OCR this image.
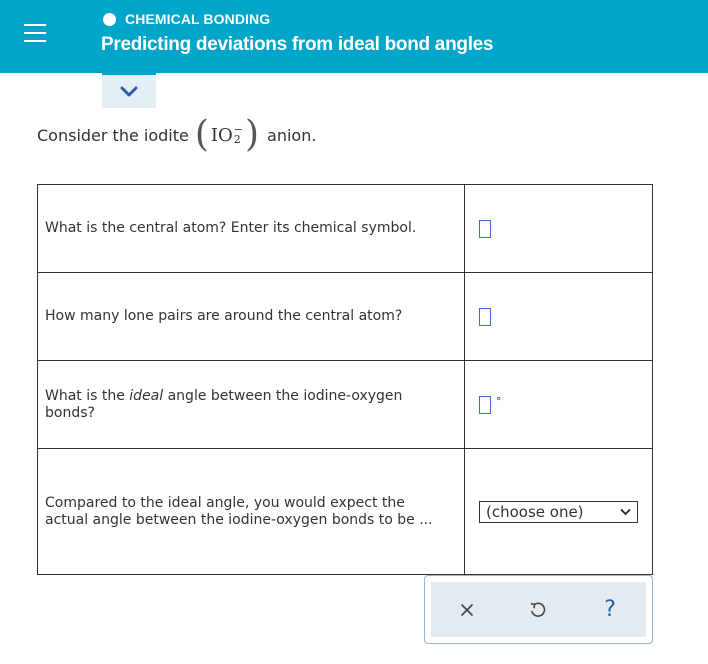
CHEMICAL BONDING
Predicting deviations from ideal bond angles
Consider the iodite ( IO −
2 ) anion.
What is the central atom? Enter its chemical symbol.	
How many lone pairs are around the central atom?	
What is the ideal angle between the iodine-oxygen bonds?	°
Compared to the ideal angle, you would expect the actual angle between the iodine-oxygen bonds to be ...	(choose one)
?
